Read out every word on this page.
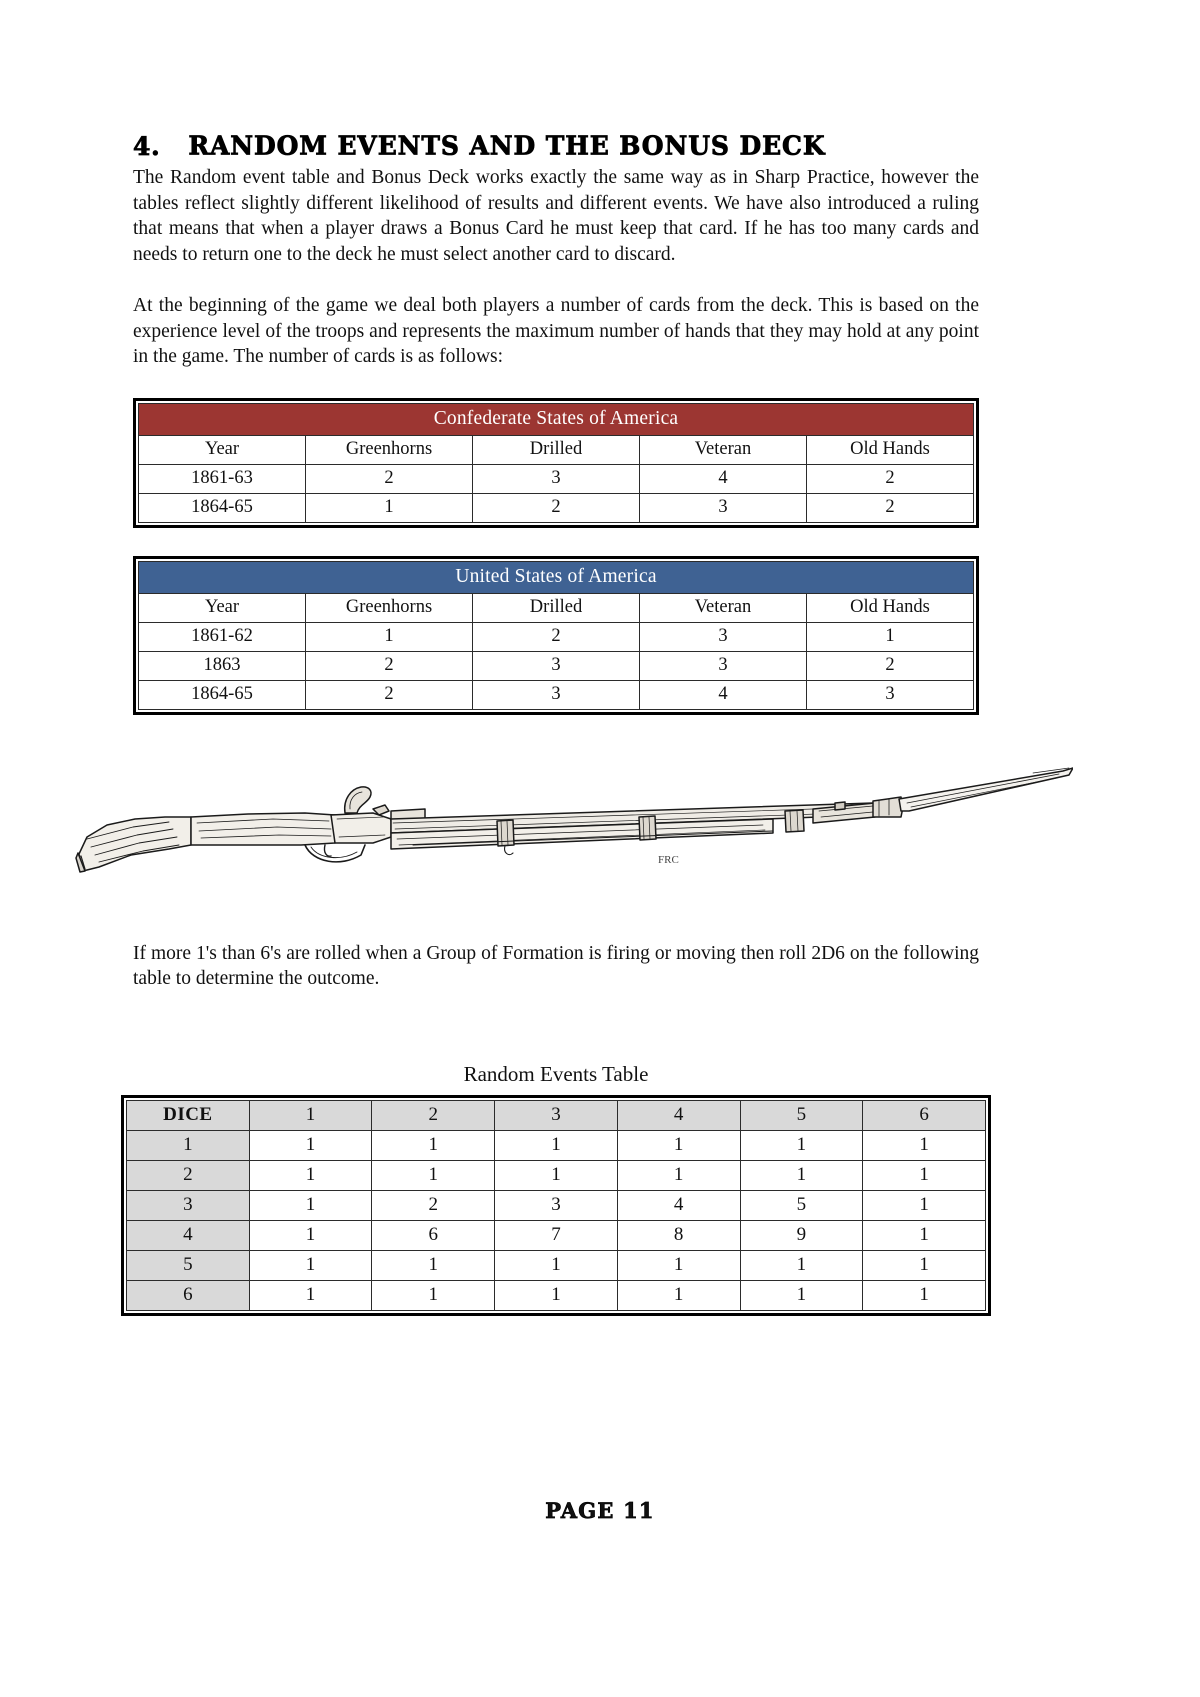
4. RANDOM EVENTS AND THE BONUS DECK

The Random event table and Bonus Deck works exactly the same way as in Sharp Practice, however the tables reflect slightly different likelihood of results and different events. We have also introduced a ruling that means that when a player draws a Bonus Card he must keep that card. If he has too many cards and needs to return one to the deck he must select another card to discard.

At the beginning of the game we deal both players a number of cards from the deck. This is based on the experience level of the troops and represents the maximum number of hands that they may hold at any point in the game. The number of cards is as follows:

Confederate States of America				
Year	Greenhorns	Drilled	Veteran	Old Hands
1861-63	2	3	4	2
1864-65	1	2	3	2
United States of America				
Year	Greenhorns	Drilled	Veteran	Old Hands
1861-62	1	2	3	1
1863	2	3	3	2
1864-65	2	3	4	3
FRC

If more 1's than 6's are rolled when a Group of Formation is firing or moving then roll 2D6 on the following table to determine the outcome.

Random Events Table

DICE	1	2	3	4	5	6
1	1	1	1	1	1	1
2	1	1	1	1	1	1
3	1	2	3	4	5	1
4	1	6	7	8	9	1
5	1	1	1	1	1	1
6	1	1	1	1	1	1
PAGE 11
